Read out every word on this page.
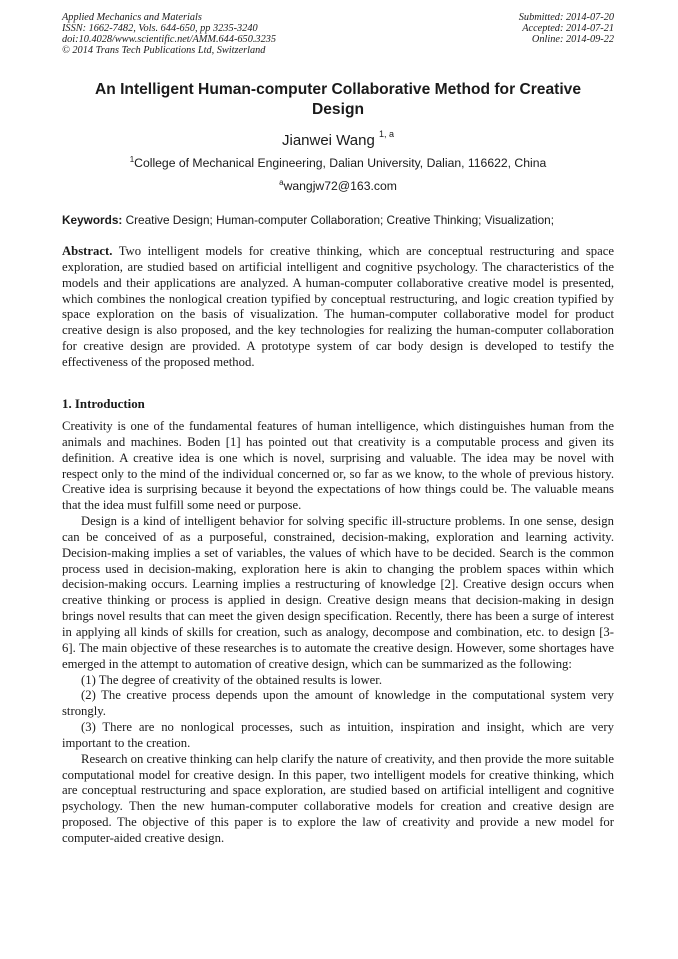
Applied Mechanics and Materials
ISSN: 1662-7482, Vols. 644-650, pp 3235-3240
doi:10.4028/www.scientific.net/AMM.644-650.3235
© 2014 Trans Tech Publications Ltd, Switzerland
Submitted: 2014-07-20
Accepted: 2014-07-21
Online: 2014-09-22
An Intelligent Human-computer Collaborative Method for Creative
Design
Jianwei Wang $^{1, a}$
$^1$College of Mechanical Engineering, Dalian University, Dalian, 116622, China
$^a$wangjw72@163.com
Keywords: Creative Design; Human-computer Collaboration; Creative Thinking; Visualization;
Abstract. Two intelligent models for creative thinking, which are conceptual restructuring and space exploration, are studied based on artificial intelligent and cognitive psychology. The characteristics of the models and their applications are analyzed. A human-computer collaborative creative model is presented, which combines the nonlogical creation typified by conceptual restructuring, and logic creation typified by space exploration on the basis of visualization. The human-computer collaborative model for product creative design is also proposed, and the key technologies for realizing the human-computer collaboration for creative design are provided. A prototype system of car body design is developed to testify the effectiveness of the proposed method.
1. Introduction

Creativity is one of the fundamental features of human intelligence, which distinguishes human from the animals and machines. Boden [1] has pointed out that creativity is a computable process and given its definition. A creative idea is one which is novel, surprising and valuable. The idea may be novel with respect only to the mind of the individual concerned or, so far as we know, to the whole of previous history. Creative idea is surprising because it beyond the expectations of how things could be. The valuable means that the idea must fulfill some need or purpose.

Design is a kind of intelligent behavior for solving specific ill-structure problems. In one sense, design can be conceived of as a purposeful, constrained, decision-making, exploration and learning activity. Decision-making implies a set of variables, the values of which have to be decided. Search is the common process used in decision-making, exploration here is akin to changing the problem spaces within which decision-making occurs. Learning implies a restructuring of knowledge [2]. Creative design occurs when creative thinking or process is applied in design. Creative design means that decision-making in design brings novel results that can meet the given design specification. Recently, there has been a surge of interest in applying all kinds of skills for creation, such as analogy, decompose and combination, etc. to design [3-6]. The main objective of these researches is to automate the creative design. However, some shortages have emerged in the attempt to automation of creative design, which can be summarized as the following:

(1) The degree of creativity of the obtained results is lower.

(2) The creative process depends upon the amount of knowledge in the computational system very strongly.

(3) There are no nonlogical processes, such as intuition, inspiration and insight, which are very important to the creation.

Research on creative thinking can help clarify the nature of creativity, and then provide the more suitable computational model for creative design. In this paper, two intelligent models for creative thinking, which are conceptual restructuring and space exploration, are studied based on artificial intelligent and cognitive psychology. Then the new human-computer collaborative models for creation and creative design are proposed. The objective of this paper is to explore the law of creativity and provide a new model for computer-aided creative design.
